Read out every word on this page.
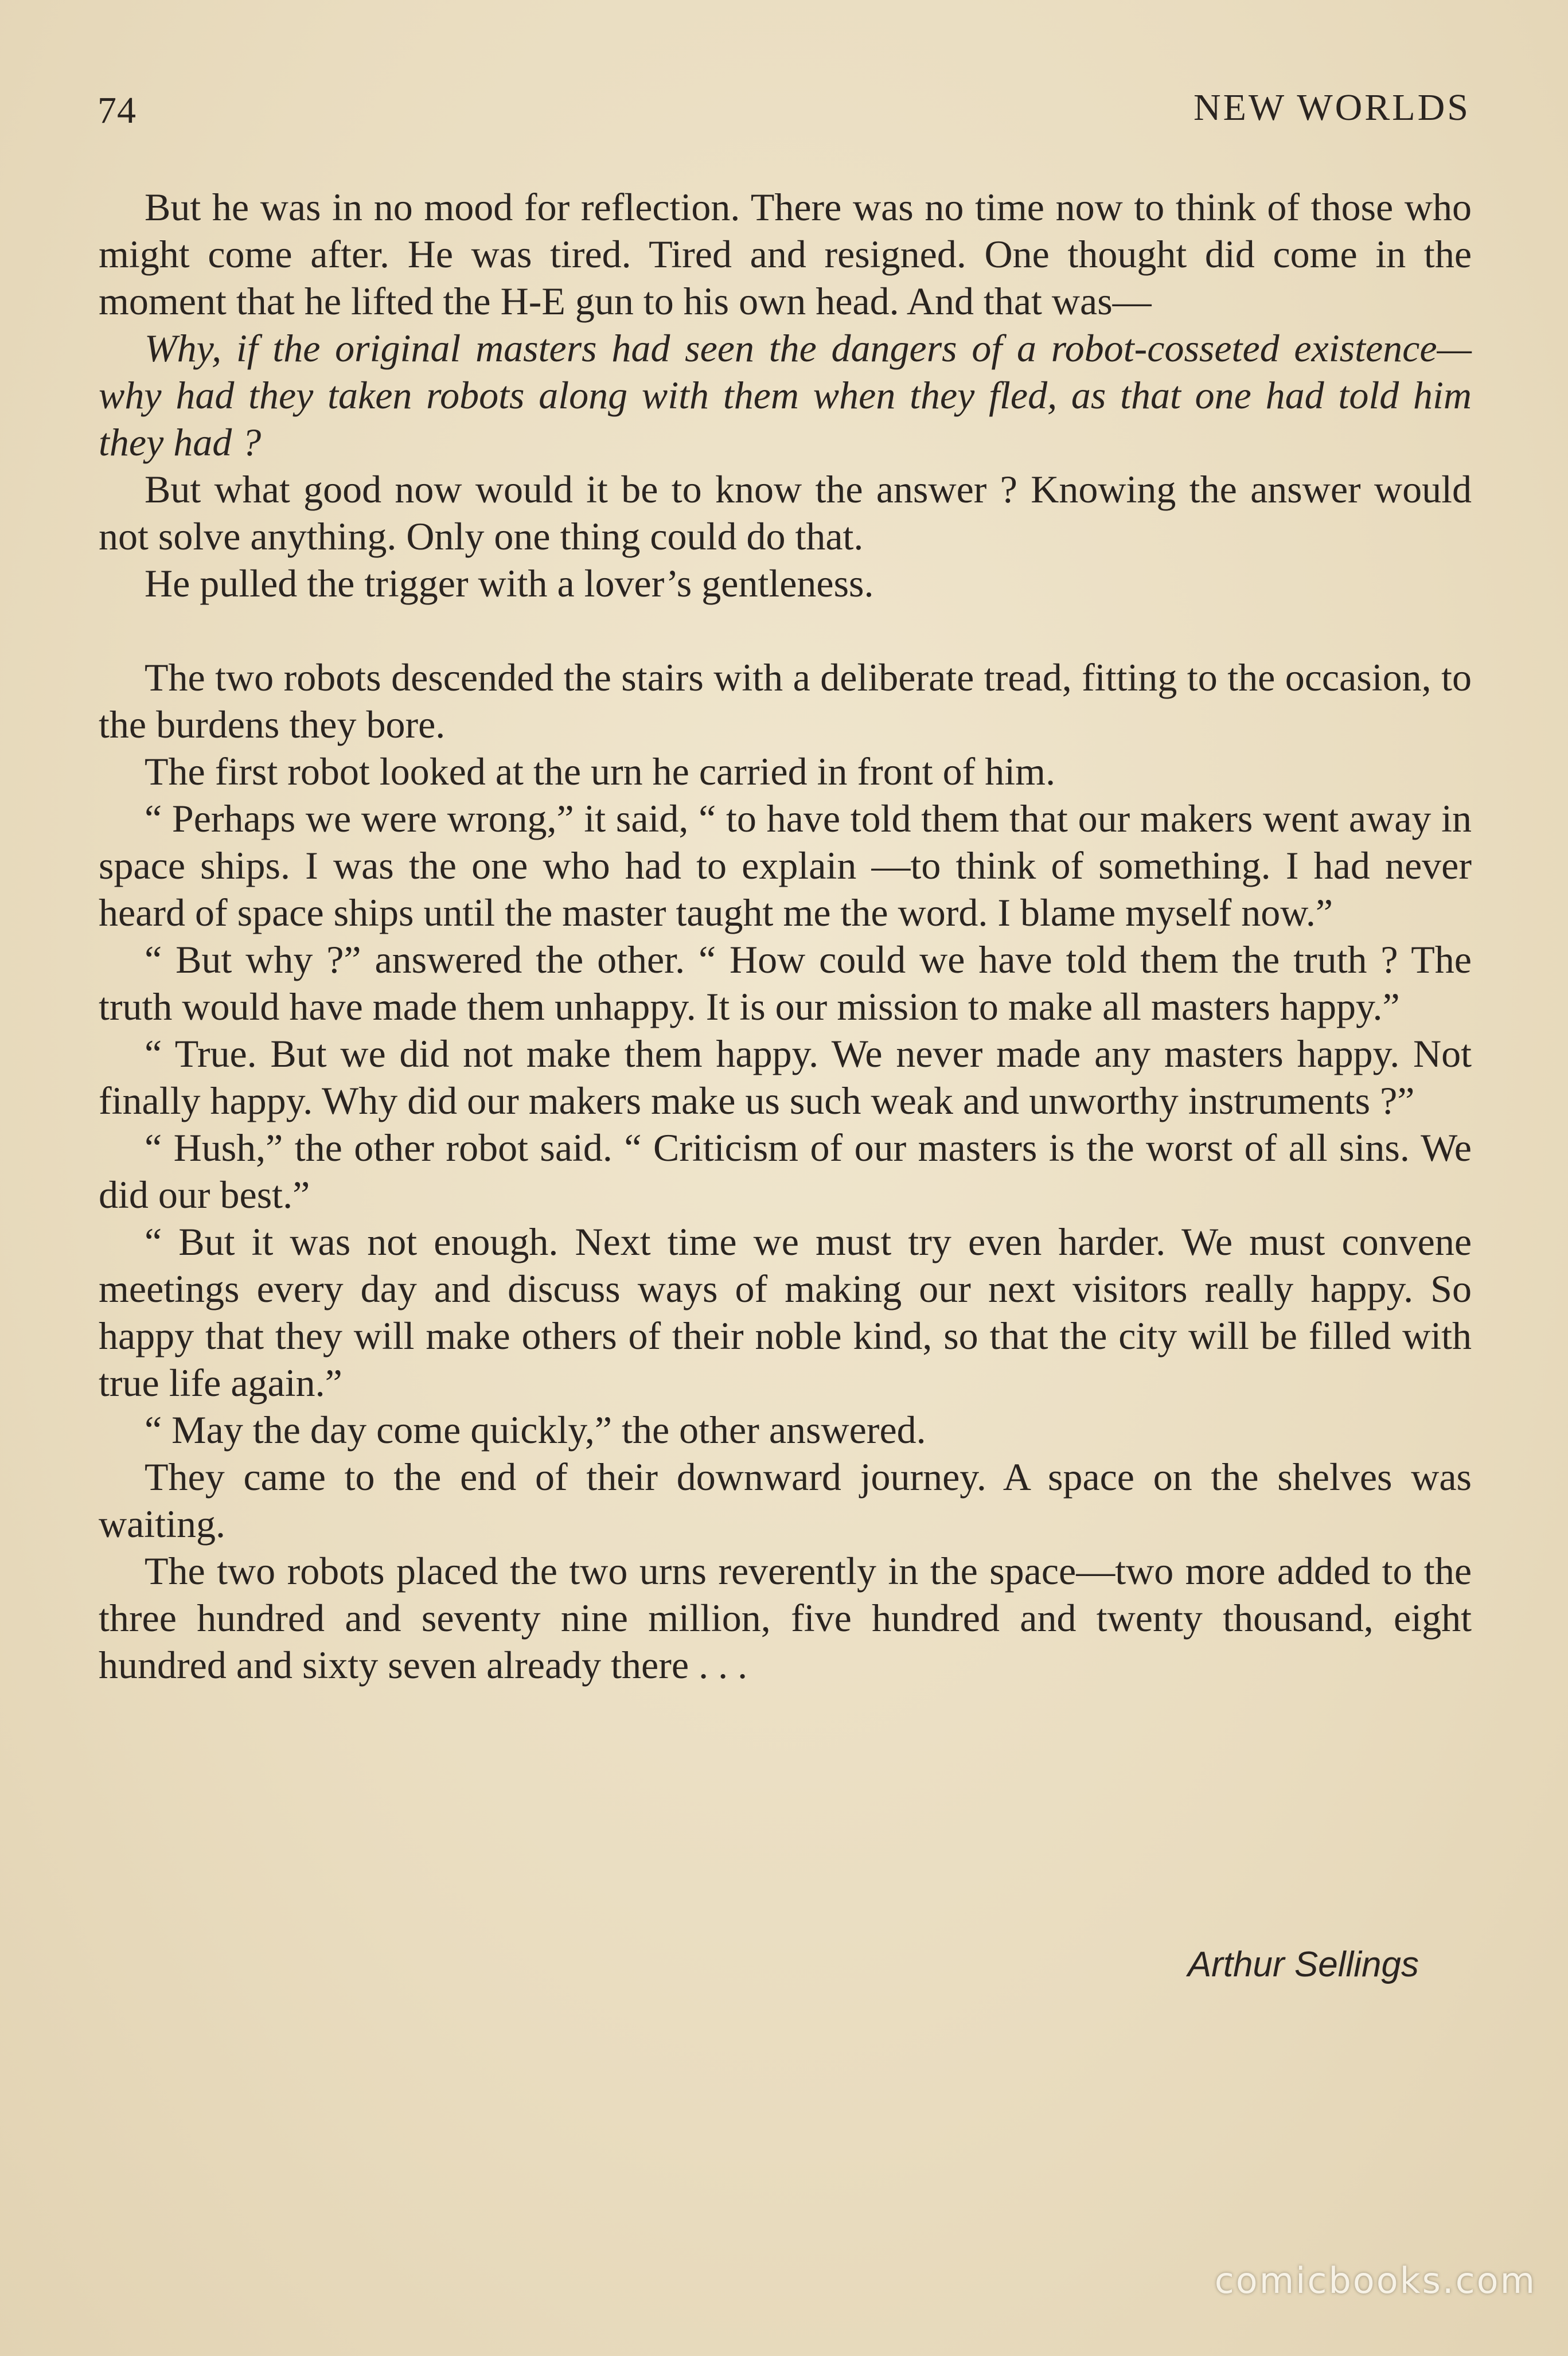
74	NEW WORLDS

But he was in no mood for reflection. There was no time now to think of those who might come after. He was tired. Tired and resigned. One thought did come in the moment that he lifted the H-E gun to his own head. And that was—

Why, if the original masters had seen the dangers of a robot-cosseted existence—why had they taken robots along with them when they fled, as that one had told him they had ?

But what good now would it be to know the answer ? Knowing the answer would not solve anything. Only one thing could do that.

He pulled the trigger with a lover’s gentleness.

The two robots descended the stairs with a deliberate tread, fitting to the occasion, to the burdens they bore.

The first robot looked at the urn he carried in front of him.

“ Perhaps we were wrong,” it said, “ to have told them that our makers went away in space ships. I was the one who had to explain —to think of something. I had never heard of space ships until the master taught me the word. I blame myself now.”

“ But why ?” answered the other. “ How could we have told them the truth ? The truth would have made them unhappy. It is our mission to make all masters happy.”

“ True. But we did not make them happy. We never made any masters happy. Not finally happy. Why did our makers make us such weak and unworthy instruments ?”

“ Hush,” the other robot said. “ Criticism of our masters is the worst of all sins. We did our best.”

“ But it was not enough. Next time we must try even harder. We must convene meetings every day and discuss ways of making our next visitors really happy. So happy that they will make others of their noble kind, so that the city will be filled with true life again.”

“ May the day come quickly,” the other answered.

They came to the end of their downward journey. A space on the shelves was waiting.

The two robots placed the two urns reverently in the space—two more added to the three hundred and seventy nine million, five hundred and twenty thousand, eight hundred and sixty seven already there . . .

Arthur Sellings
comicbooks.com
